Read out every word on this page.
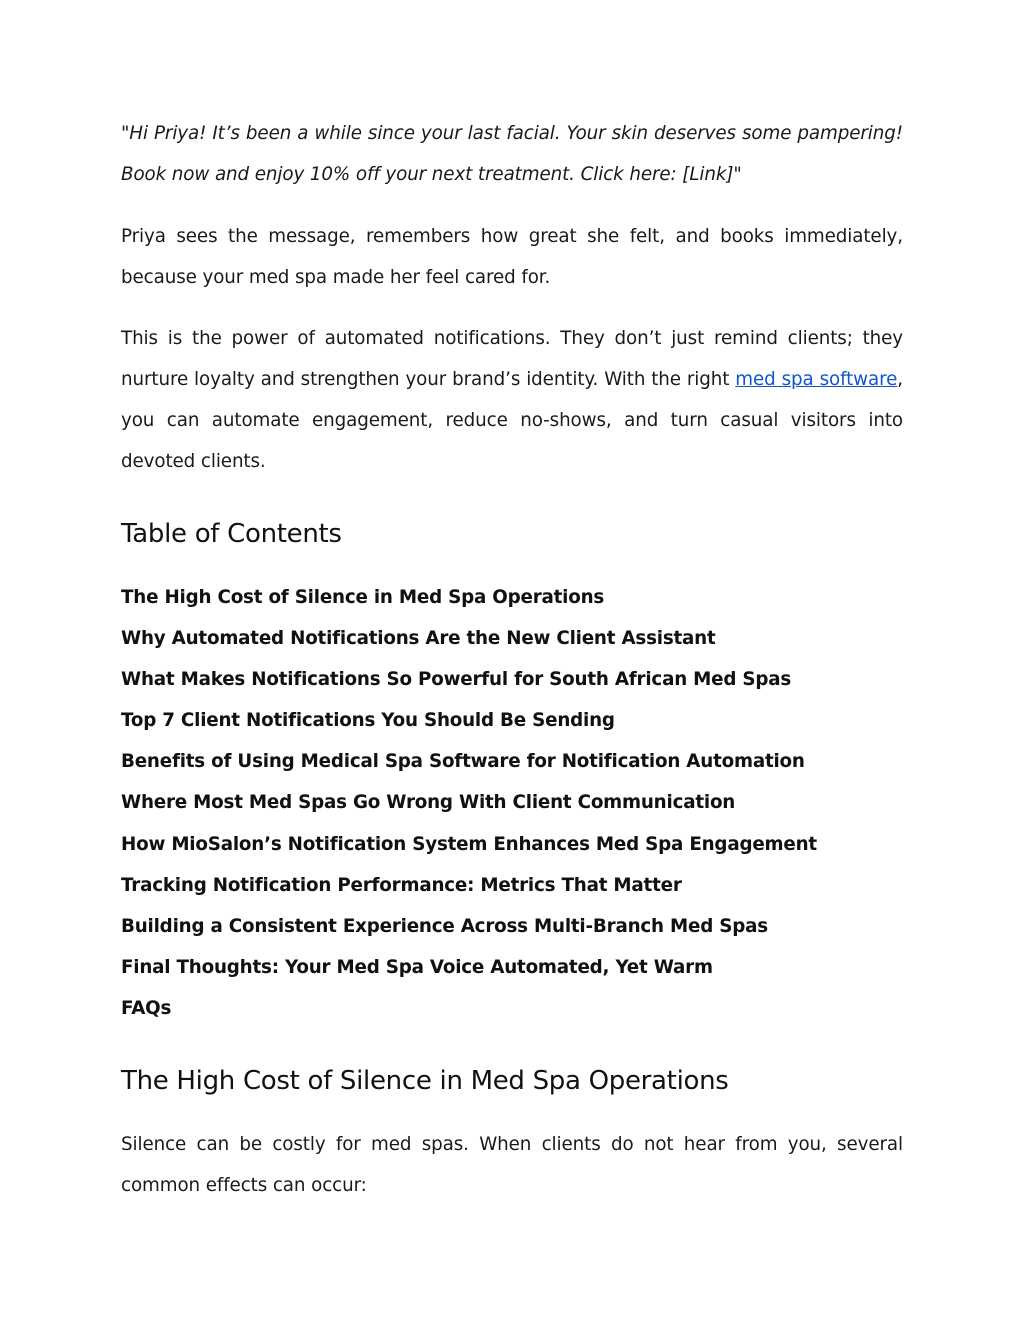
"Hi Priya! It’s been a while since your last facial. Your skin deserves some pampering! Book now and enjoy 10% off your next treatment. Click here: [Link]"

Priya sees the message, remembers how great she felt, and books immediately, because your med spa made her feel cared for.

This is the power of automated notifications. They don’t just remind clients; they nurture loyalty and strengthen your brand’s identity. With the right med spa software, you can automate engagement, reduce no-shows, and turn casual visitors into devoted clients.

Table of Contents
The High Cost of Silence in Med Spa Operations
Why Automated Notifications Are the New Client Assistant
What Makes Notifications So Powerful for South African Med Spas
Top 7 Client Notifications You Should Be Sending
Benefits of Using Medical Spa Software for Notification Automation
Where Most Med Spas Go Wrong With Client Communication
How MioSalon’s Notification System Enhances Med Spa Engagement
Tracking Notification Performance: Metrics That Matter
Building a Consistent Experience Across Multi-Branch Med Spas
Final Thoughts: Your Med Spa Voice Automated, Yet Warm
FAQs
The High Cost of Silence in Med Spa Operations

Silence can be costly for med spas. When clients do not hear from you, several common effects can occur:
